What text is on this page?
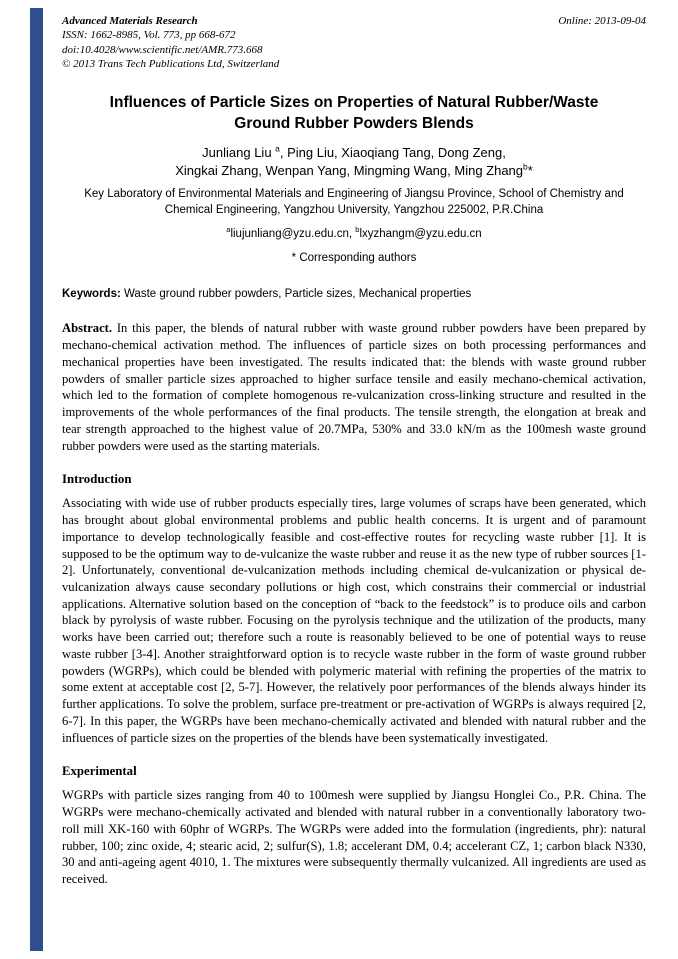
Advanced Materials Research	Online: 2013-09-04
ISSN: 1662-8985, Vol. 773, pp 668-672
doi:10.4028/www.scientific.net/AMR.773.668
© 2013 Trans Tech Publications Ltd, Switzerland
Influences of Particle Sizes on Properties of Natural Rubber/Waste
Ground Rubber Powders Blends
Junliang Liu $^a$, Ping Liu, Xiaoqiang Tang, Dong Zeng,
Xingkai Zhang, Wenpan Yang, Mingming Wang, Ming Zhang$^b$*
Key Laboratory of Environmental Materials and Engineering of Jiangsu Province, School of Chemistry and Chemical Engineering, Yangzhou University, Yangzhou 225002, P.R.China
$^a$liujunliang@yzu.edu.cn, $^b$lxyzhangm@yzu.edu.cn
* Corresponding authors
Keywords: Waste ground rubber powders, Particle sizes, Mechanical properties
Abstract. In this paper, the blends of natural rubber with waste ground rubber powders have been prepared by mechano-chemical activation method. The influences of particle sizes on both processing performances and mechanical properties have been investigated. The results indicated that: the blends with waste ground rubber powders of smaller particle sizes approached to higher surface tensile and easily mechano-chemical activation, which led to the formation of complete homogenous re-vulcanization cross-linking structure and resulted in the improvements of the whole performances of the final products. The tensile strength, the elongation at break and tear strength approached to the highest value of 20.7MPa, 530% and 33.0 kN/m as the 100mesh waste ground rubber powders were used as the starting materials.
Introduction
Associating with wide use of rubber products especially tires, large volumes of scraps have been generated, which has brought about global environmental problems and public health concerns. It is urgent and of paramount importance to develop technologically feasible and cost-effective routes for recycling waste rubber [1]. It is supposed to be the optimum way to de-vulcanize the waste rubber and reuse it as the new type of rubber sources [1-2]. Unfortunately, conventional de-vulcanization methods including chemical de-vulcanization or physical de-vulcanization always cause secondary pollutions or high cost, which constrains their commercial or industrial applications. Alternative solution based on the conception of “back to the feedstock” is to produce oils and carbon black by pyrolysis of waste rubber. Focusing on the pyrolysis technique and the utilization of the products, many works have been carried out; therefore such a route is reasonably believed to be one of potential ways to reuse waste rubber [3-4]. Another straightforward option is to recycle waste rubber in the form of waste ground rubber powders (WGRPs), which could be blended with polymeric material with refining the properties of the matrix to some extent at acceptable cost [2, 5-7]. However, the relatively poor performances of the blends always hinder its further applications. To solve the problem, surface pre-treatment or pre-activation of WGRPs is always required [2, 6-7]. In this paper, the WGRPs have been mechano-chemically activated and blended with natural rubber and the influences of particle sizes on the properties of the blends have been systematically investigated.
Experimental
WGRPs with particle sizes ranging from 40 to 100mesh were supplied by Jiangsu Honglei Co., P.R. China. The WGRPs were mechano-chemically activated and blended with natural rubber in a conventionally laboratory two-roll mill XK-160 with 60phr of WGRPs. The WGRPs were added into the formulation (ingredients, phr): natural rubber, 100; zinc oxide, 4; stearic acid, 2; sulfur(S), 1.8; accelerant DM, 0.4; accelerant CZ, 1; carbon black N330, 30 and anti-ageing agent 4010, 1. The mixtures were subsequently thermally vulcanized. All ingredients are used as received.
